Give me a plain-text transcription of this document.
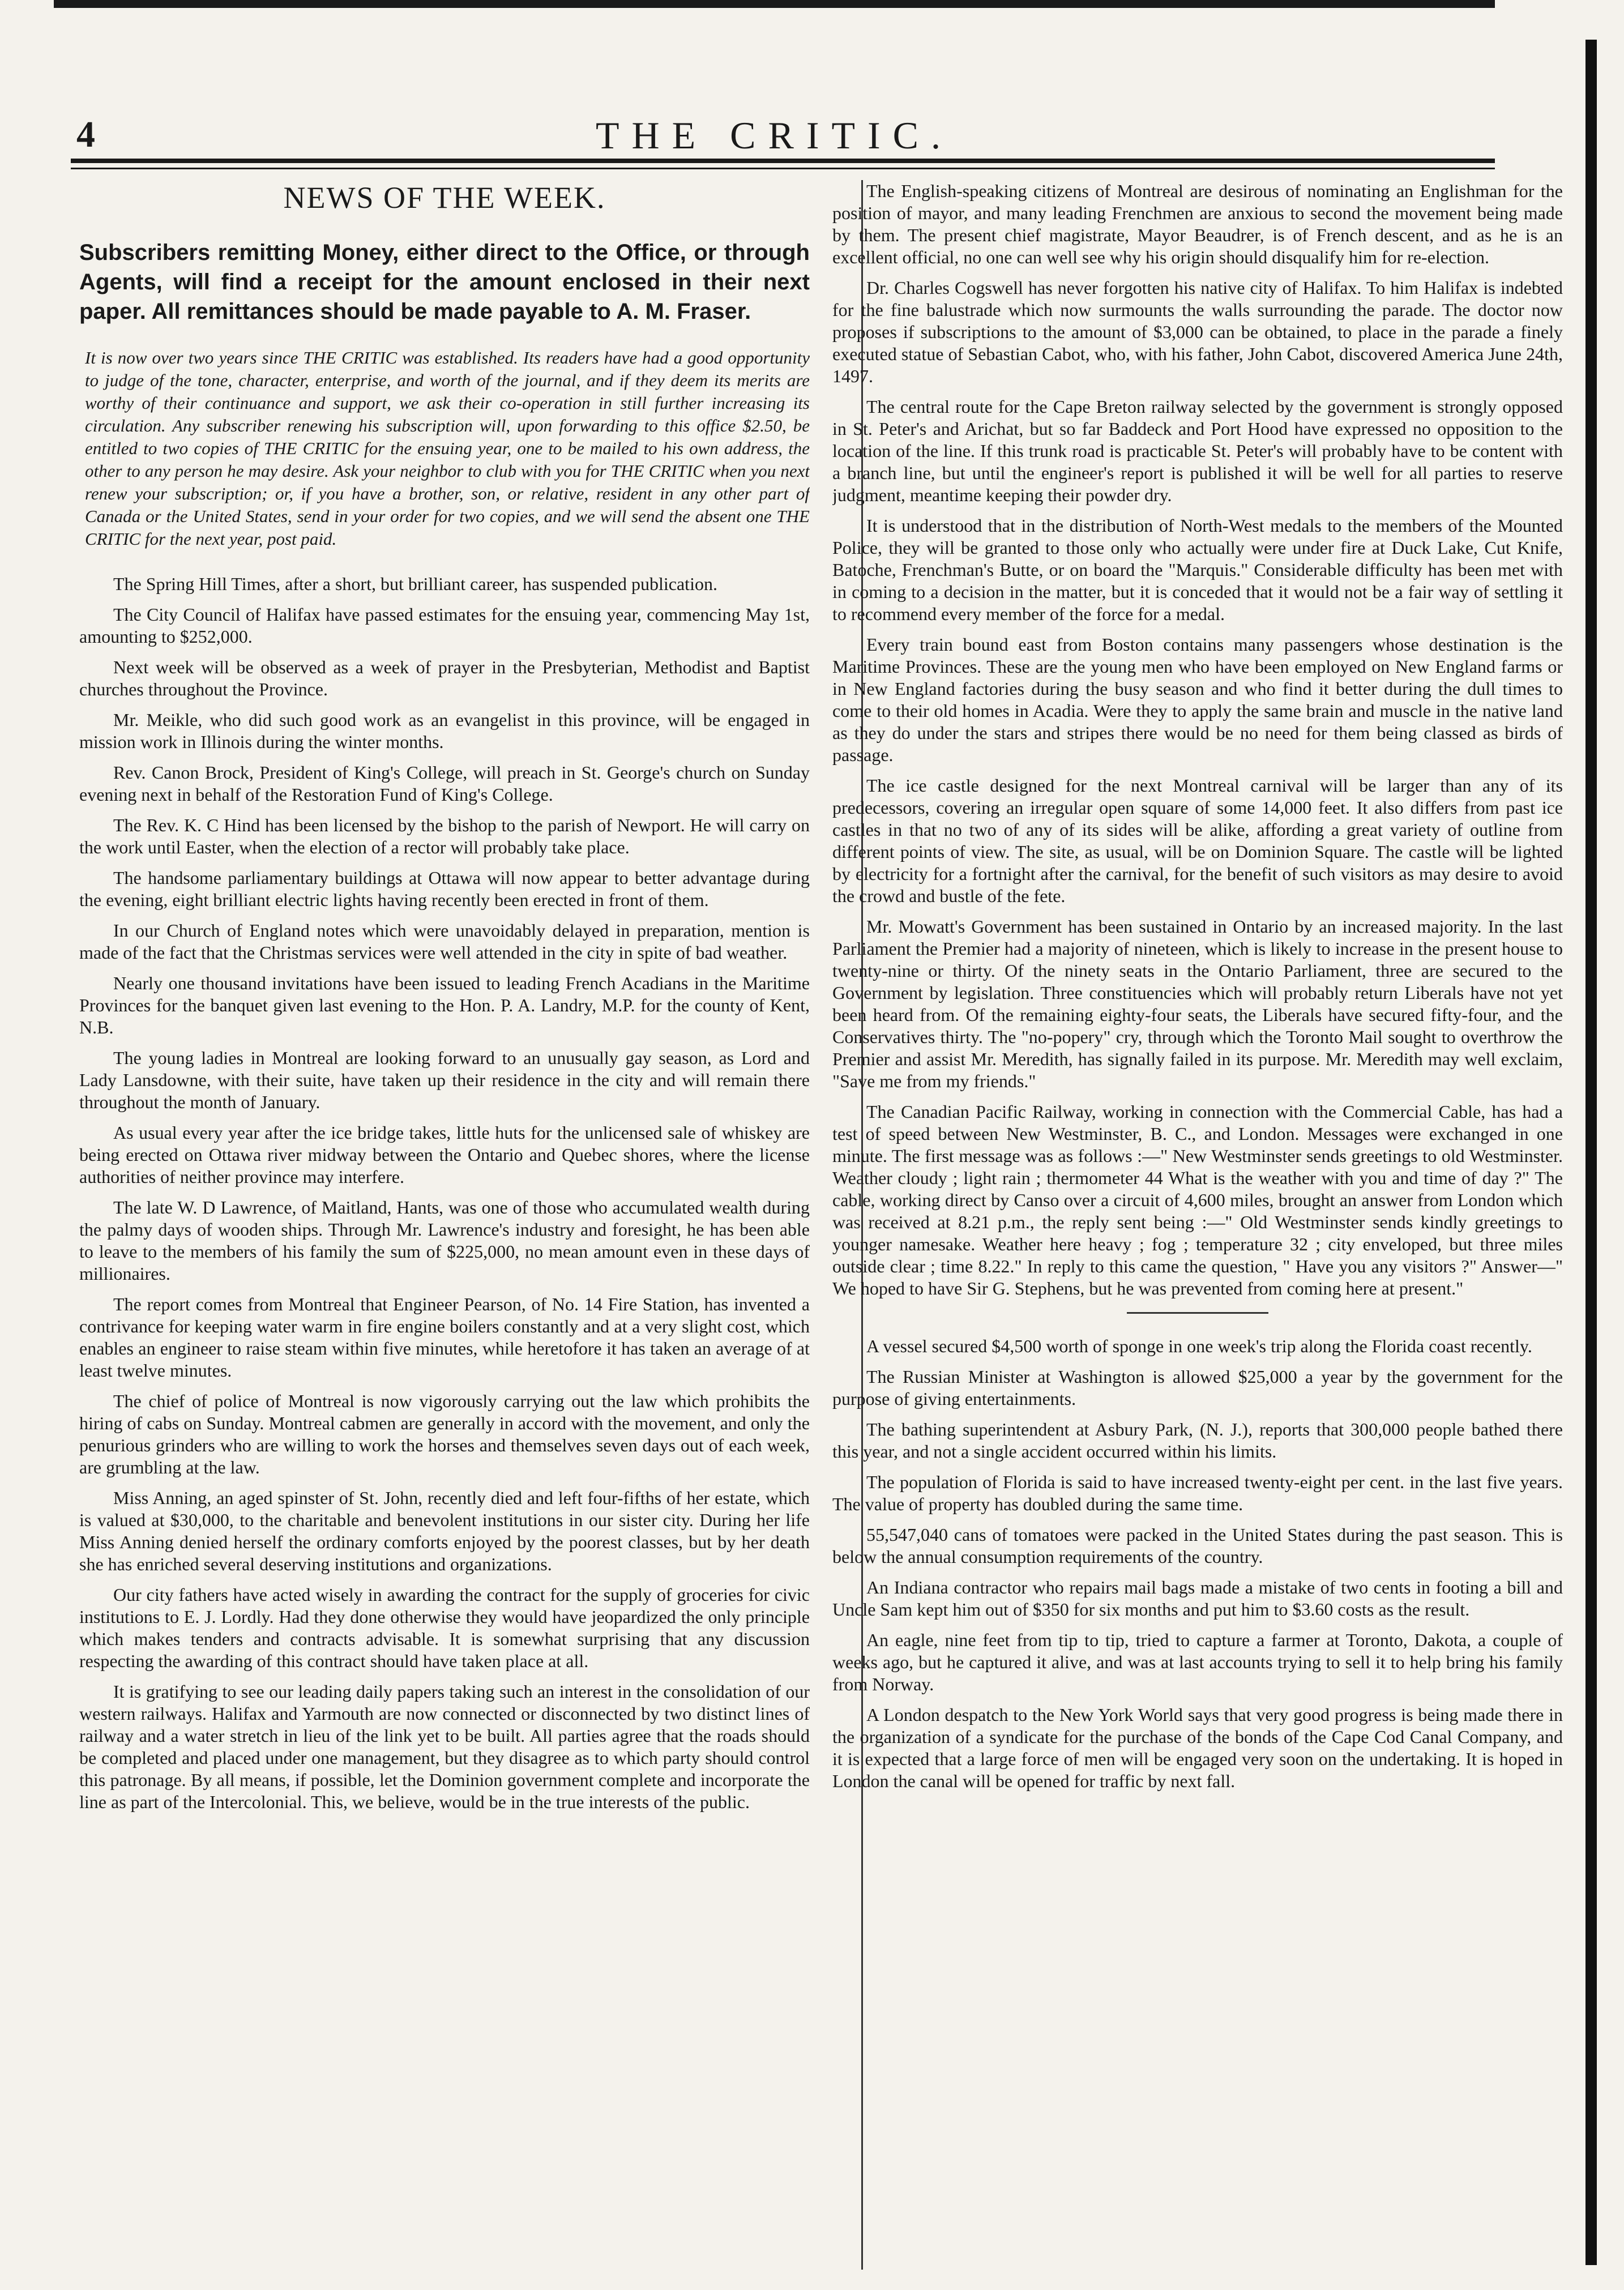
4	THE CRITIC.
NEWS OF THE WEEK.
Subscribers remitting Money, either direct to the Office, or through Agents, will find a receipt for the amount enclosed in their next paper. All remittances should be made payable to A. M. Fraser.
It is now over two years since THE CRITIC was established. Its readers have had a good opportunity to judge of the tone, character, enterprise, and worth of the journal, and if they deem its merits are worthy of their continuance and support, we ask their co-operation in still further increasing its circulation. Any subscriber renewing his subscription will, upon forwarding to this office $2.50, be entitled to two copies of THE CRITIC for the ensuing year, one to be mailed to his own address, the other to any person he may desire. Ask your neighbor to club with you for THE CRITIC when you next renew your subscription; or, if you have a brother, son, or relative, resident in any other part of Canada or the United States, send in your order for two copies, and we will send the absent one THE CRITIC for the next year, post paid.

The Spring Hill Times, after a short, but brilliant career, has suspended publication.

The City Council of Halifax have passed estimates for the ensuing year, commencing May 1st, amounting to $252,000.

Next week will be observed as a week of prayer in the Presbyterian, Methodist and Baptist churches throughout the Province.

Mr. Meikle, who did such good work as an evangelist in this province, will be engaged in mission work in Illinois during the winter months.

Rev. Canon Brock, President of King's College, will preach in St. George's church on Sunday evening next in behalf of the Restoration Fund of King's College.

The Rev. K. C Hind has been licensed by the bishop to the parish of Newport. He will carry on the work until Easter, when the election of a rector will probably take place.

The handsome parliamentary buildings at Ottawa will now appear to better advantage during the evening, eight brilliant electric lights having recently been erected in front of them.

In our Church of England notes which were unavoidably delayed in preparation, mention is made of the fact that the Christmas services were well attended in the city in spite of bad weather.

Nearly one thousand invitations have been issued to leading French Acadians in the Maritime Provinces for the banquet given last evening to the Hon. P. A. Landry, M.P. for the county of Kent, N.B.

The young ladies in Montreal are looking forward to an unusually gay season, as Lord and Lady Lansdowne, with their suite, have taken up their residence in the city and will remain there throughout the month of January.

As usual every year after the ice bridge takes, little huts for the unlicensed sale of whiskey are being erected on Ottawa river midway between the Ontario and Quebec shores, where the license authorities of neither province may interfere.

The late W. D Lawrence, of Maitland, Hants, was one of those who accumulated wealth during the palmy days of wooden ships. Through Mr. Lawrence's industry and foresight, he has been able to leave to the members of his family the sum of $225,000, no mean amount even in these days of millionaires.

The report comes from Montreal that Engineer Pearson, of No. 14 Fire Station, has invented a contrivance for keeping water warm in fire engine boilers constantly and at a very slight cost, which enables an engineer to raise steam within five minutes, while heretofore it has taken an average of at least twelve minutes.

The chief of police of Montreal is now vigorously carrying out the law which prohibits the hiring of cabs on Sunday. Montreal cabmen are generally in accord with the movement, and only the penurious grinders who are willing to work the horses and themselves seven days out of each week, are grumbling at the law.

Miss Anning, an aged spinster of St. John, recently died and left four-fifths of her estate, which is valued at $30,000, to the charitable and benevolent institutions in our sister city. During her life Miss Anning denied herself the ordinary comforts enjoyed by the poorest classes, but by her death she has enriched several deserving institutions and organizations.

Our city fathers have acted wisely in awarding the contract for the supply of groceries for civic institutions to E. J. Lordly. Had they done otherwise they would have jeopardized the only principle which makes tenders and contracts advisable. It is somewhat surprising that any discussion respecting the awarding of this contract should have taken place at all.

It is gratifying to see our leading daily papers taking such an interest in the consolidation of our western railways. Halifax and Yarmouth are now connected or disconnected by two distinct lines of railway and a water stretch in lieu of the link yet to be built. All parties agree that the roads should be completed and placed under one management, but they disagree as to which party should control this patronage. By all means, if possible, let the Dominion government complete and incorporate the line as part of the Intercolonial. This, we believe, would be in the true interests of the public.

The English-speaking citizens of Montreal are desirous of nominating an Englishman for the position of mayor, and many leading Frenchmen are anxious to second the movement being made by them. The present chief magistrate, Mayor Beaudrer, is of French descent, and as he is an excellent official, no one can well see why his origin should disqualify him for re-election.

Dr. Charles Cogswell has never forgotten his native city of Halifax. To him Halifax is indebted for the fine balustrade which now surmounts the walls surrounding the parade. The doctor now proposes if subscriptions to the amount of $3,000 can be obtained, to place in the parade a finely executed statue of Sebastian Cabot, who, with his father, John Cabot, discovered America June 24th, 1497.

The central route for the Cape Breton railway selected by the government is strongly opposed in St. Peter's and Arichat, but so far Baddeck and Port Hood have expressed no opposition to the location of the line. If this trunk road is practicable St. Peter's will probably have to be content with a branch line, but until the engineer's report is published it will be well for all parties to reserve judgment, meantime keeping their powder dry.

It is understood that in the distribution of North-West medals to the members of the Mounted Police, they will be granted to those only who actually were under fire at Duck Lake, Cut Knife, Batoche, Frenchman's Butte, or on board the "Marquis." Considerable difficulty has been met with in coming to a decision in the matter, but it is conceded that it would not be a fair way of settling it to recommend every member of the force for a medal.

Every train bound east from Boston contains many passengers whose destination is the Maritime Provinces. These are the young men who have been employed on New England farms or in New England factories during the busy season and who find it better during the dull times to come to their old homes in Acadia. Were they to apply the same brain and muscle in the native land as they do under the stars and stripes there would be no need for them being classed as birds of passage.

The ice castle designed for the next Montreal carnival will be larger than any of its predecessors, covering an irregular open square of some 14,000 feet. It also differs from past ice castles in that no two of any of its sides will be alike, affording a great variety of outline from different points of view. The site, as usual, will be on Dominion Square. The castle will be lighted by electricity for a fortnight after the carnival, for the benefit of such visitors as may desire to avoid the crowd and bustle of the fete.

Mr. Mowatt's Government has been sustained in Ontario by an increased majority. In the last Parliament the Premier had a majority of nineteen, which is likely to increase in the present house to twenty-nine or thirty. Of the ninety seats in the Ontario Parliament, three are secured to the Government by legislation. Three constituencies which will probably return Liberals have not yet been heard from. Of the remaining eighty-four seats, the Liberals have secured fifty-four, and the Conservatives thirty. The "no-popery" cry, through which the Toronto Mail sought to overthrow the Premier and assist Mr. Meredith, has signally failed in its purpose. Mr. Meredith may well exclaim, "Save me from my friends."

The Canadian Pacific Railway, working in connection with the Commercial Cable, has had a test of speed between New Westminster, B. C., and London. Messages were exchanged in one minute. The first message was as follows :—" New Westminster sends greetings to old Westminster. Weather cloudy ; light rain ; thermometer 44 What is the weather with you and time of day ?" The cable, working direct by Canso over a circuit of 4,600 miles, brought an answer from London which was received at 8.21 p.m., the reply sent being :—" Old Westminster sends kindly greetings to younger namesake. Weather here heavy ; fog ; temperature 32 ; city enveloped, but three miles outside clear ; time 8.22." In reply to this came the question, " Have you any visitors ?" Answer—" We hoped to have Sir G. Stephens, but he was prevented from coming here at present."

A vessel secured $4,500 worth of sponge in one week's trip along the Florida coast recently.

The Russian Minister at Washington is allowed $25,000 a year by the government for the purpose of giving entertainments.

The bathing superintendent at Asbury Park, (N. J.), reports that 300,000 people bathed there this year, and not a single accident occurred within his limits.

The population of Florida is said to have increased twenty-eight per cent. in the last five years. The value of property has doubled during the same time.

55,547,040 cans of tomatoes were packed in the United States during the past season. This is below the annual consumption requirements of the country.

An Indiana contractor who repairs mail bags made a mistake of two cents in footing a bill and Uncle Sam kept him out of $350 for six months and put him to $3.60 costs as the result.

An eagle, nine feet from tip to tip, tried to capture a farmer at Toronto, Dakota, a couple of weeks ago, but he captured it alive, and was at last accounts trying to sell it to help bring his family from Norway.

A London despatch to the New York World says that very good progress is being made there in the organization of a syndicate for the purchase of the bonds of the Cape Cod Canal Company, and it is expected that a large force of men will be engaged very soon on the undertaking. It is hoped in London the canal will be opened for traffic by next fall.
